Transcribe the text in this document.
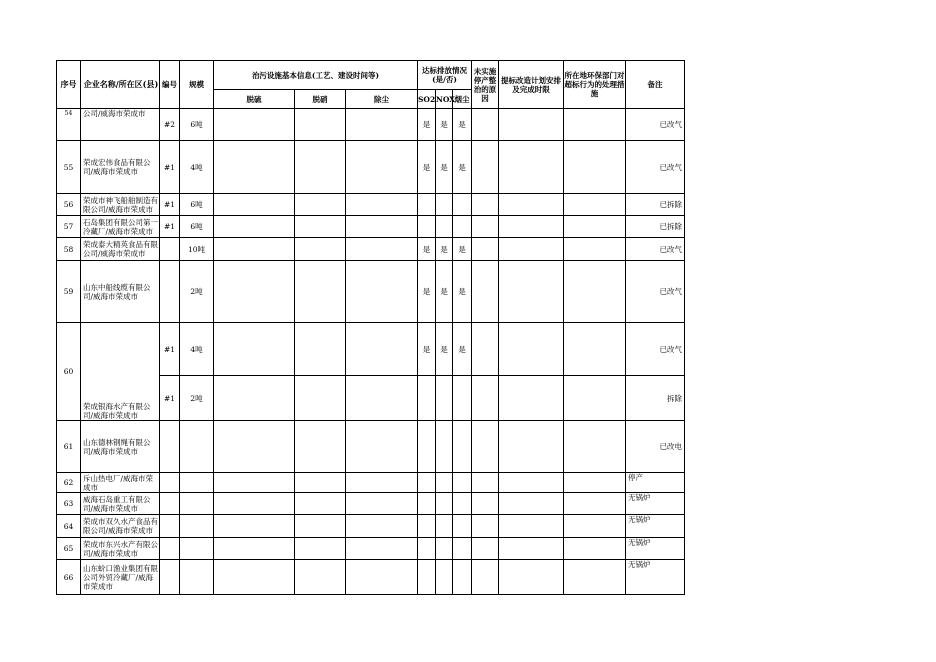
序号	企业名称/所在区(县)	编号	规模	治污设施基本信息(工艺、建设时间等)			达标排放情况(是/否)			未实施停产整治的原因	提标改造计划安排及完成时限	所在地环保部门对超标行为的处理措施	备注
				脱硫	脱硝	除尘	SO2	NOX	烟尘				
54	公司/威海市荣成市	#2	6吨				是	是	是				已改气
55	荣成宏伟食品有限公司/威海市荣成市	#1	4吨				是	是	是				已改气
56	荣成市神飞船舶制造有限公司/威海市荣成市	#1	6吨										已拆除
57	石岛集团有限公司第一冷藏厂/威海市荣成市	#1	6吨										已拆除
58	荣成泰大精英食品有限公司/威海市荣成市		10吨				是	是	是				已改气
59	山东中船线缆有限公司/威海市荣成市		2吨				是	是	是				已改气
60	荣成银海水产有限公司/威海市荣成市	#1	4吨				是	是	是				已改气
		#1	2吨										拆除
61	山东德林钢绳有限公司/威海市荣成市												已改电
62	斥山热电厂/威海市荣成市												停产
63	威海石岛重工有限公司/威海市荣成市												无锅炉
64	荣成市双久水产食品有限公司/威海市荣成市												无锅炉
65	荣成市东兴水产有限公司/威海市荣成市												无锅炉
66	山东蚧口渔业集团有限公司外贸冷藏厂/威海市荣成市												无锅炉
